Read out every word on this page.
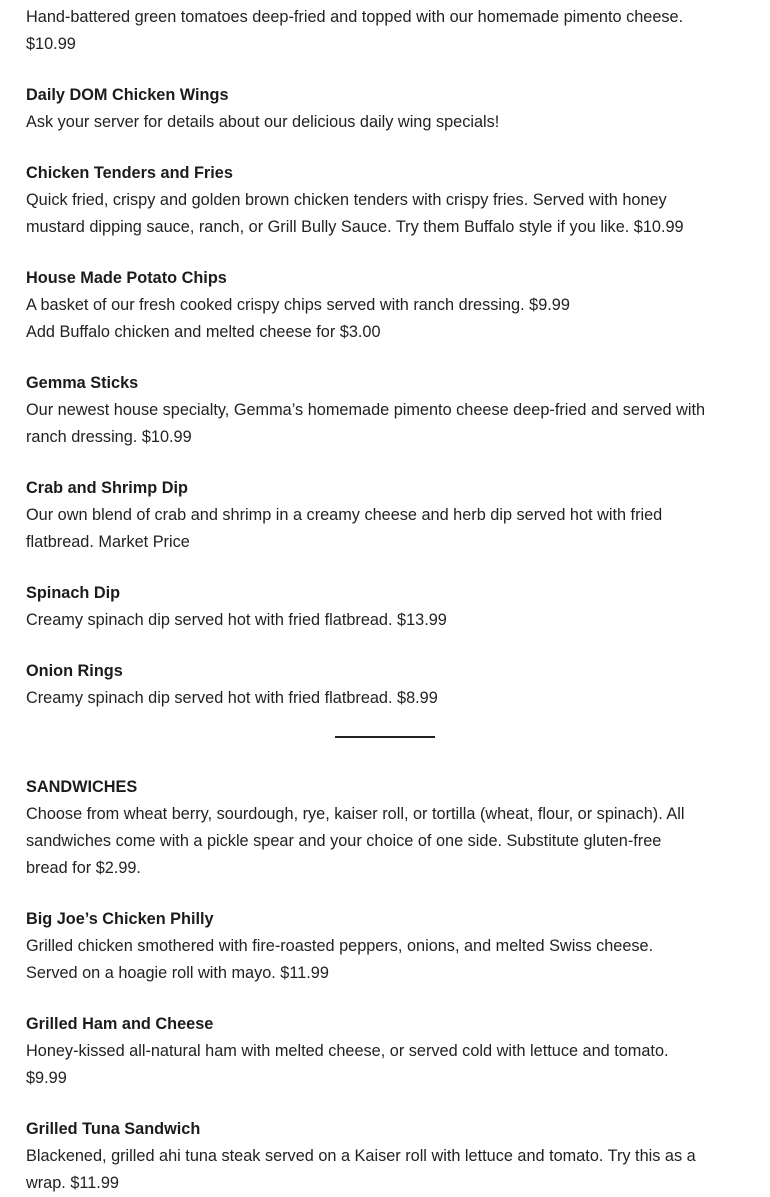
Hand-battered green tomatoes deep-fried and topped with our homemade pimento cheese.
$10.99

Daily DOM Chicken Wings
Ask your server for details about our delicious daily wing specials!

Chicken Tenders and Fries
Quick fried, crispy and golden brown chicken tenders with crispy fries. Served with honey
mustard dipping sauce, ranch, or Grill Bully Sauce. Try them Buffalo style if you like. $10.99

House Made Potato Chips
A basket of our fresh cooked crispy chips served with ranch dressing. $9.99
Add Buffalo chicken and melted cheese for $3.00

Gemma Sticks
Our newest house specialty, Gemma’s homemade pimento cheese deep-fried and served with
ranch dressing. $10.99

Crab and Shrimp Dip
Our own blend of crab and shrimp in a creamy cheese and herb dip served hot with fried
flatbread. Market Price

Spinach Dip
Creamy spinach dip served hot with fried flatbread. $13.99

Onion Rings
Creamy spinach dip served hot with fried flatbread. $8.99

SANDWICHES
Choose from wheat berry, sourdough, rye, kaiser roll, or tortilla (wheat, flour, or spinach). All
sandwiches come with a pickle spear and your choice of one side. Substitute gluten-free
bread for $2.99.

Big Joe’s Chicken Philly
Grilled chicken smothered with fire-roasted peppers, onions, and melted Swiss cheese.
Served on a hoagie roll with mayo. $11.99

Grilled Ham and Cheese
Honey-kissed all-natural ham with melted cheese, or served cold with lettuce and tomato.
$9.99

Grilled Tuna Sandwich
Blackened, grilled ahi tuna steak served on a Kaiser roll with lettuce and tomato. Try this as a
wrap. $11.99
